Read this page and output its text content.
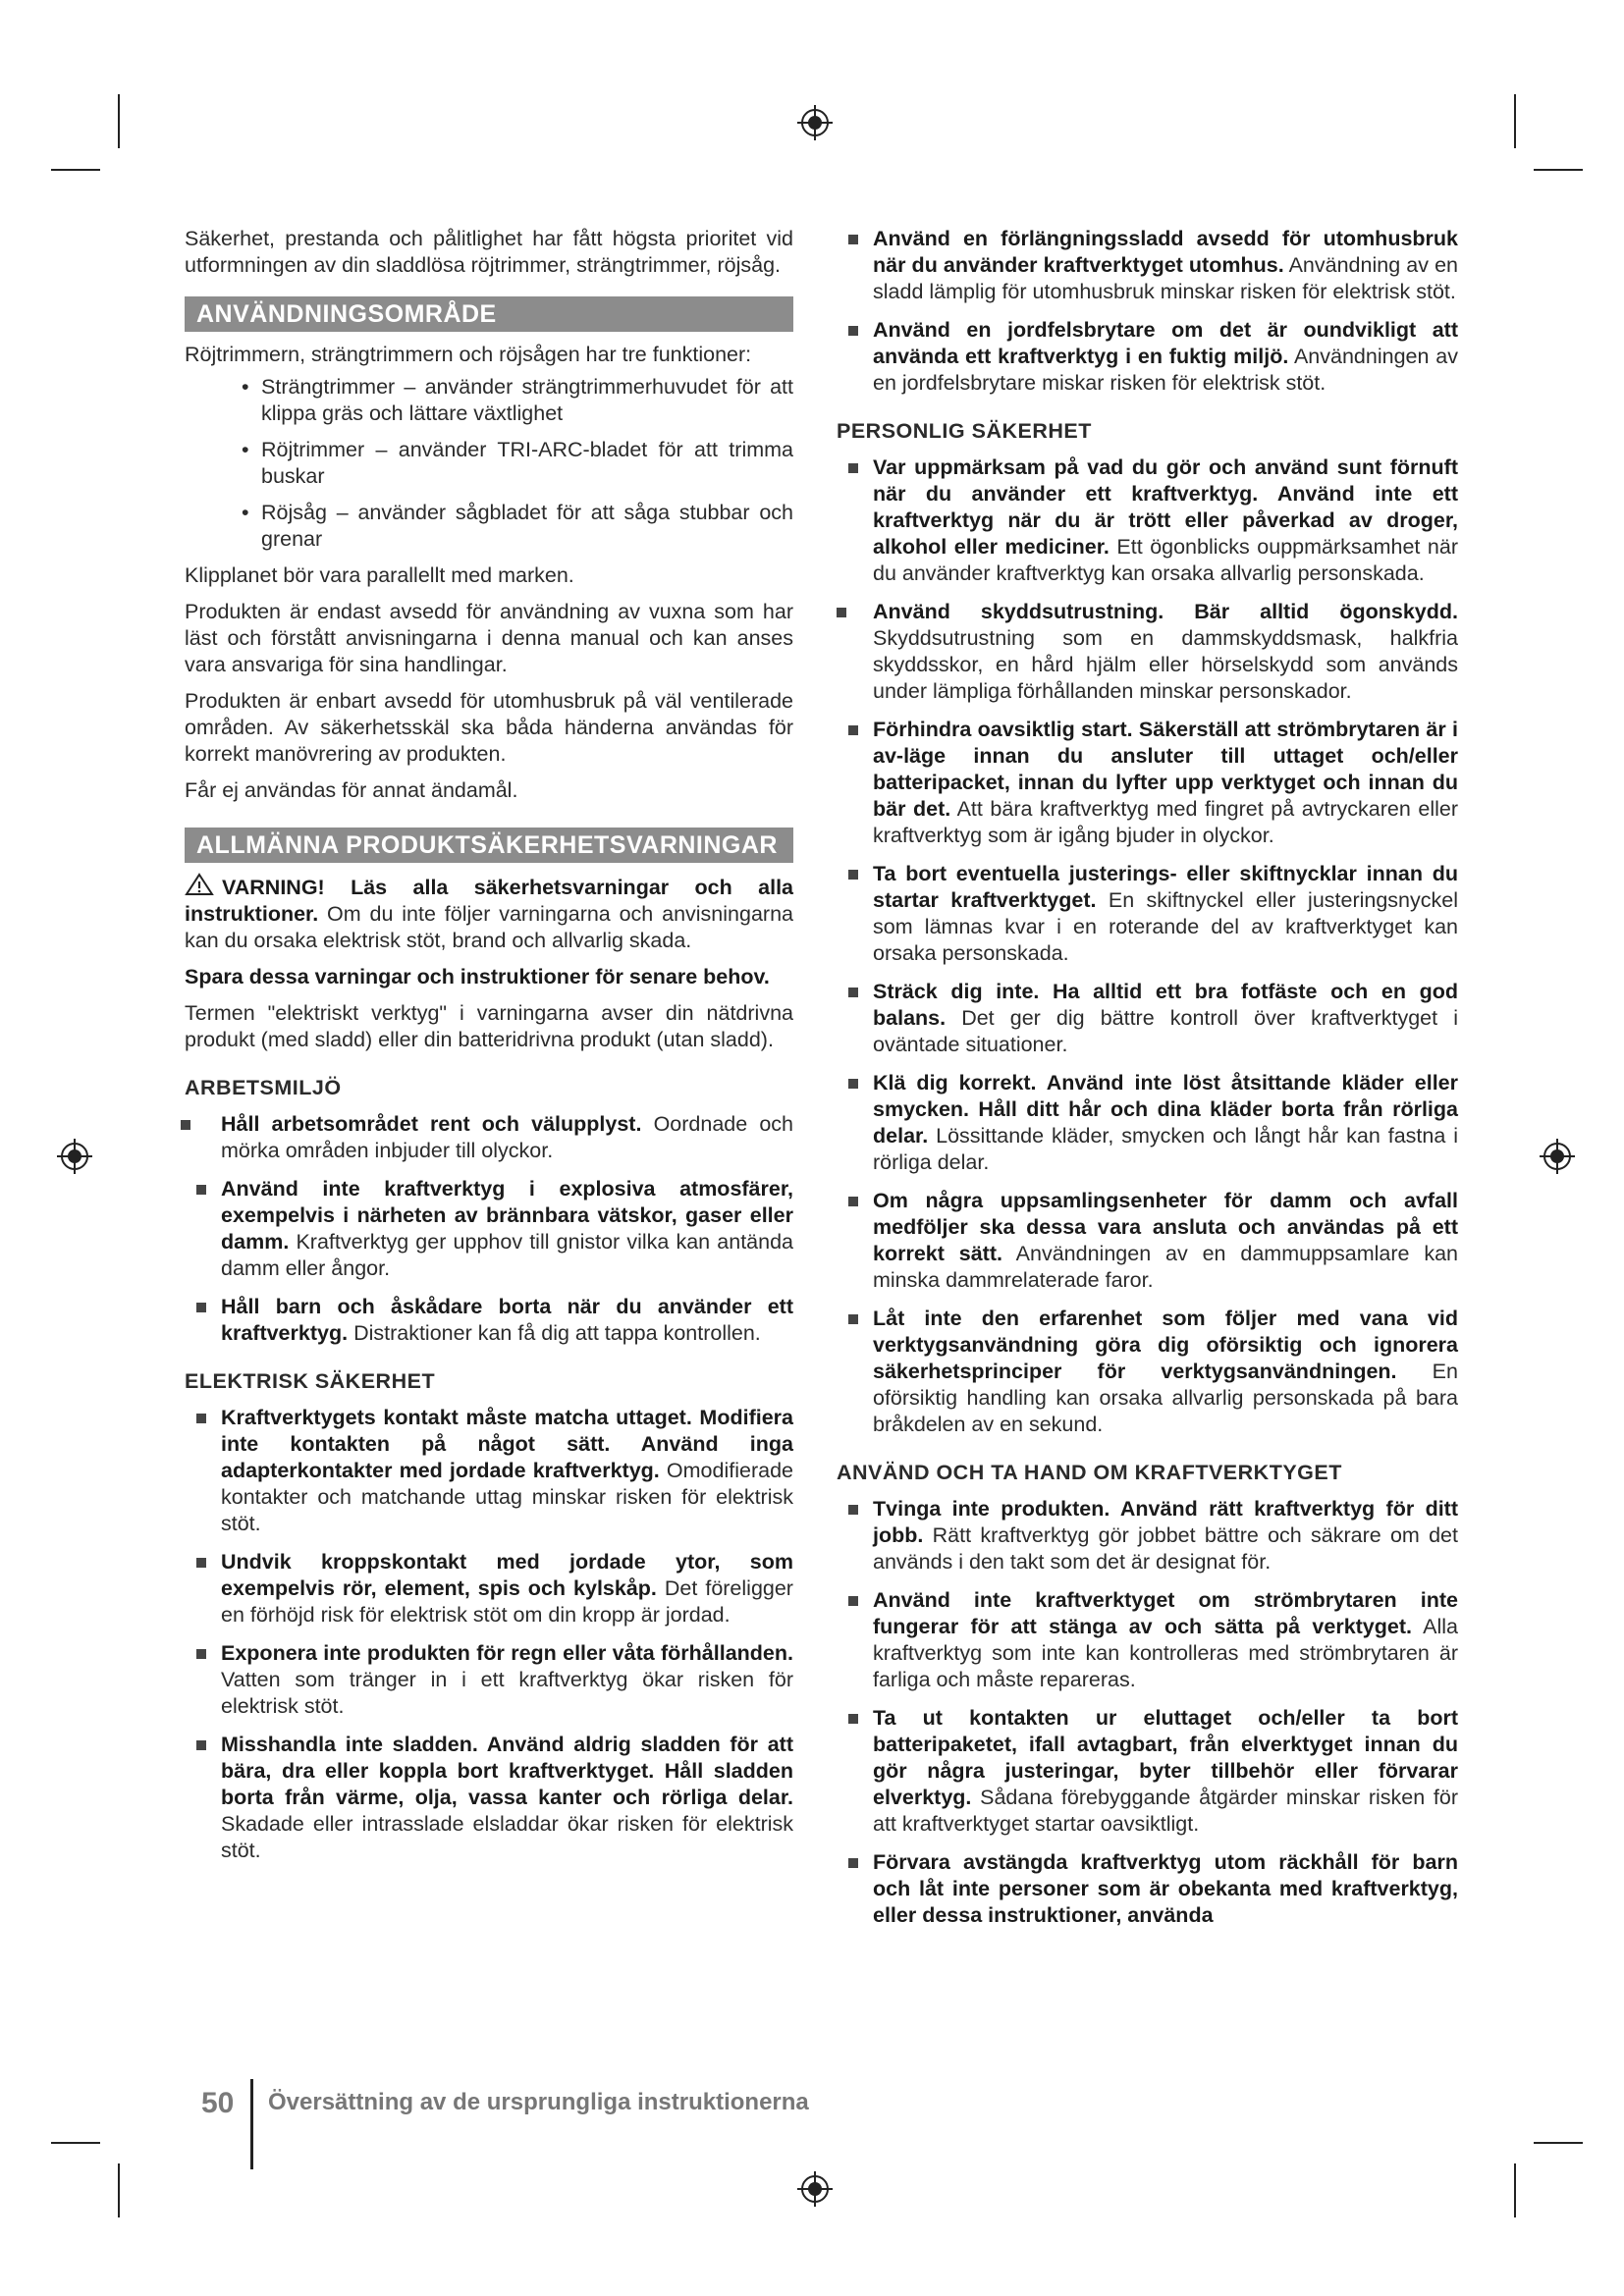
Säkerhet, prestanda och pålitlighet har fått högsta prioritet vid utformningen av din sladdlösa röjtrimmer, strängtrimmer, röjsåg.

ANVÄNDNINGSOMRÅDE

Röjtrimmern, strängtrimmern och röjsågen har tre funktioner:

• Strängtrimmer – använder strängtrimmerhuvudet för att klippa gräs och lättare växtlighet
• Röjtrimmer – använder TRI-ARC-bladet för att trimma buskar
• Röjsåg – använder sågbladet för att såga stubbar och grenar

Klipplanet bör vara parallellt med marken.

Produkten är endast avsedd för användning av vuxna som har läst och förstått anvisningarna i denna manual och kan anses vara ansvariga för sina handlingar.

Produkten är enbart avsedd för utomhusbruk på väl ventilerade områden. Av säkerhetsskäl ska båda händerna användas för korrekt manövrering av produkten.

Får ej användas för annat ändamål.

ALLMÄNNA PRODUKTSÄKERHETSVARNINGAR

VARNING! Läs alla säkerhetsvarningar och alla instruktioner. Om du inte följer varningarna och anvisningarna kan du orsaka elektrisk stöt, brand och allvarlig skada.

Spara dessa varningar och instruktioner för senare behov.

Termen "elektriskt verktyg" i varningarna avser din nätdrivna produkt (med sladd) eller din batteridrivna produkt (utan sladd).

ARBETSMILJÖ
Håll arbetsområdet rent och välupplyst. Oordnade och mörka områden inbjuder till olyckor.
Använd inte kraftverktyg i explosiva atmosfärer, exempelvis i närheten av brännbara vätskor, gaser eller damm. Kraftverktyg ger upphov till gnistor vilka kan antända damm eller ångor.
Håll barn och åskådare borta när du använder ett kraftverktyg. Distraktioner kan få dig att tappa kontrollen.
ELEKTRISK SÄKERHET
Kraftverktygets kontakt måste matcha uttaget. Modifiera inte kontakten på något sätt. Använd inga adapterkontakter med jordade kraftverktyg. Omodifierade kontakter och matchande uttag minskar risken för elektrisk stöt.
Undvik kroppskontakt med jordade ytor, som exempelvis rör, element, spis och kylskåp. Det föreligger en förhöjd risk för elektrisk stöt om din kropp är jordad.
Exponera inte produkten för regn eller våta förhållanden. Vatten som tränger in i ett kraftverktyg ökar risken för elektrisk stöt.
Misshandla inte sladden. Använd aldrig sladden för att bära, dra eller koppla bort kraftverktyget. Håll sladden borta från värme, olja, vassa kanter och rörliga delar. Skadade eller intrasslade elsladdar ökar risken för elektrisk stöt.
Använd en förlängningssladd avsedd för utomhusbruk när du använder kraftverktyget utomhus. Användning av en sladd lämplig för utomhusbruk minskar risken för elektrisk stöt.
Använd en jordfelsbrytare om det är oundvikligt att använda ett kraftverktyg i en fuktig miljö. Användningen av en jordfelsbrytare miskar risken för elektrisk stöt.
PERSONLIG SÄKERHET
Var uppmärksam på vad du gör och använd sunt förnuft när du använder ett kraftverktyg. Använd inte ett kraftverktyg när du är trött eller påverkad av droger, alkohol eller mediciner. Ett ögonblicks ouppmärksamhet när du använder kraftverktyg kan orsaka allvarlig personskada.
Använd skyddsutrustning. Bär alltid ögonskydd. Skyddsutrustning som en dammskyddsmask, halkfria skyddsskor, en hård hjälm eller hörselskydd som används under lämpliga förhållanden minskar personskador.
Förhindra oavsiktlig start. Säkerställ att strömbrytaren är i av-läge innan du ansluter till uttaget och/eller batteripacket, innan du lyfter upp verktyget och innan du bär det. Att bära kraftverktyg med fingret på avtryckaren eller kraftverktyg som är igång bjuder in olyckor.
Ta bort eventuella justerings- eller skiftnycklar innan du startar kraftverktyget. En skiftnyckel eller justeringsnyckel som lämnas kvar i en roterande del av kraftverktyget kan orsaka personskada.
Sträck dig inte. Ha alltid ett bra fotfäste och en god balans. Det ger dig bättre kontroll över kraftverktyget i oväntade situationer.
Klä dig korrekt. Använd inte löst åtsittande kläder eller smycken. Håll ditt hår och dina kläder borta från rörliga delar. Lössittande kläder, smycken och långt hår kan fastna i rörliga delar.
Om några uppsamlingsenheter för damm och avfall medföljer ska dessa vara ansluta och användas på ett korrekt sätt. Användningen av en dammuppsamlare kan minska dammrelaterade faror.
Låt inte den erfarenhet som följer med vana vid verktygsanvändning göra dig oförsiktig och ignorera säkerhetsprinciper för verktygsanvändningen. En oförsiktig handling kan orsaka allvarlig personskada på bara bråkdelen av en sekund.
ANVÄND OCH TA HAND OM KRAFTVERKTYGET
Tvinga inte produkten. Använd rätt kraftverktyg för ditt jobb. Rätt kraftverktyg gör jobbet bättre och säkrare om det används i den takt som det är designat för.
Använd inte kraftverktyget om strömbrytaren inte fungerar för att stänga av och sätta på verktyget. Alla kraftverktyg som inte kan kontrolleras med strömbrytaren är farliga och måste repareras.
Ta ut kontakten ur eluttaget och/eller ta bort batteripaketet, ifall avtagbart, från elverktyget innan du gör några justeringar, byter tillbehör eller förvarar elverktyg. Sådana förebyggande åtgärder minskar risken för att kraftverktyget startar oavsiktligt.
Förvara avstängda kraftverktyg utom räckhåll för barn och låt inte personer som är obekanta med kraftverktyg, eller dessa instruktioner, använda
50 Översättning av de ursprungliga instruktionerna
